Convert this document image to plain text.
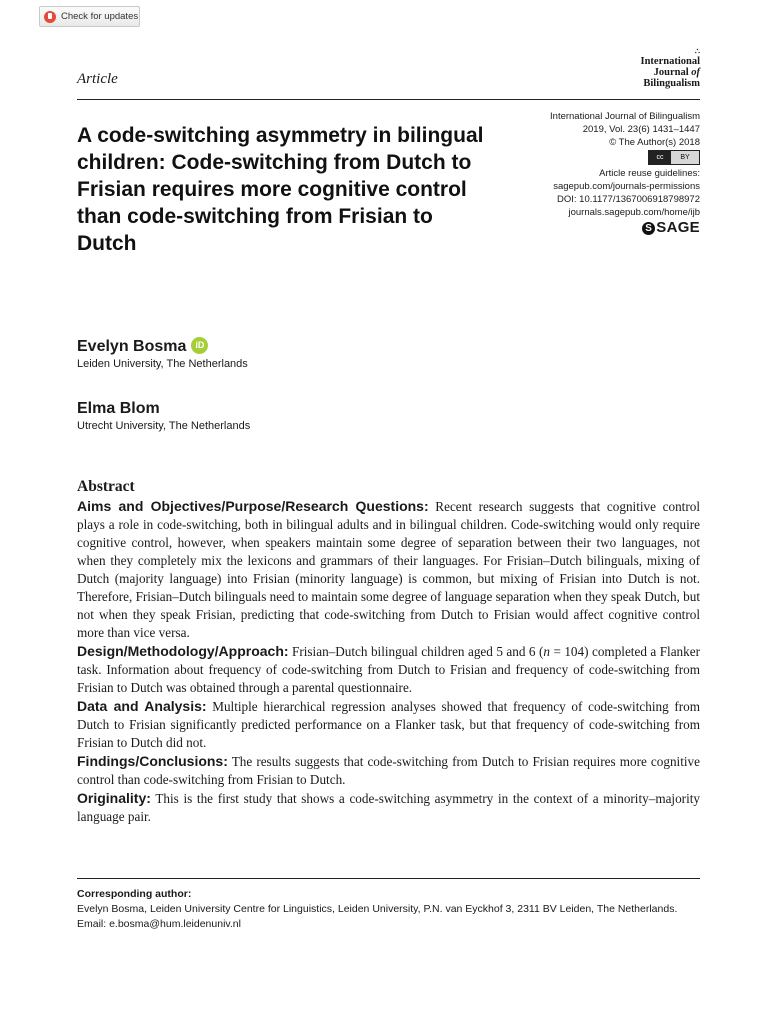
Check for updates
Article
∴
International
Journal of
Bilingualism
A code-switching asymmetry in bilingual children: Code-switching from Dutch to Frisian requires more cognitive control than code-switching from Frisian to Dutch
International Journal of Bilingualism
2019, Vol. 23(6) 1431–1447
© The Author(s) 2018
cc	BY
Article reuse guidelines:
sagepub.com/journals-permissions
DOI: 10.1177/1367006918798972
journals.sagepub.com/home/ijb
S SAGE
Evelyn Bosma iD
Leiden University, The Netherlands
Elma Blom
Utrecht University, The Netherlands
Abstract

Aims and Objectives/Purpose/Research Questions: Recent research suggests that cognitive control plays a role in code-switching, both in bilingual adults and in bilingual children. Code-switching would only require cognitive control, however, when speakers maintain some degree of separation between their two languages, not when they completely mix the lexicons and grammars of their languages. For Frisian–Dutch bilinguals, mixing of Dutch (majority language) into Frisian (minority language) is common, but mixing of Frisian into Dutch is not. Therefore, Frisian–Dutch bilinguals need to maintain some degree of language separation when they speak Dutch, but not when they speak Frisian, predicting that code-switching from Dutch to Frisian would affect cognitive control more than vice versa.

Design/Methodology/Approach: Frisian–Dutch bilingual children aged 5 and 6 (n = 104) completed a Flanker task. Information about frequency of code-switching from Dutch to Frisian and frequency of code-switching from Frisian to Dutch was obtained through a parental questionnaire.

Data and Analysis: Multiple hierarchical regression analyses showed that frequency of code-switching from Dutch to Frisian significantly predicted performance on a Flanker task, but that frequency of code-switching from Frisian to Dutch did not.

Findings/Conclusions: The results suggests that code-switching from Dutch to Frisian requires more cognitive control than code-switching from Frisian to Dutch.

Originality: This is the first study that shows a code-switching asymmetry in the context of a minority–majority language pair.

Corresponding author:
Evelyn Bosma, Leiden University Centre for Linguistics, Leiden University, P.N. van Eyckhof 3, 2311 BV Leiden, The Netherlands.
Email: e.bosma@hum.leidenuniv.nl
